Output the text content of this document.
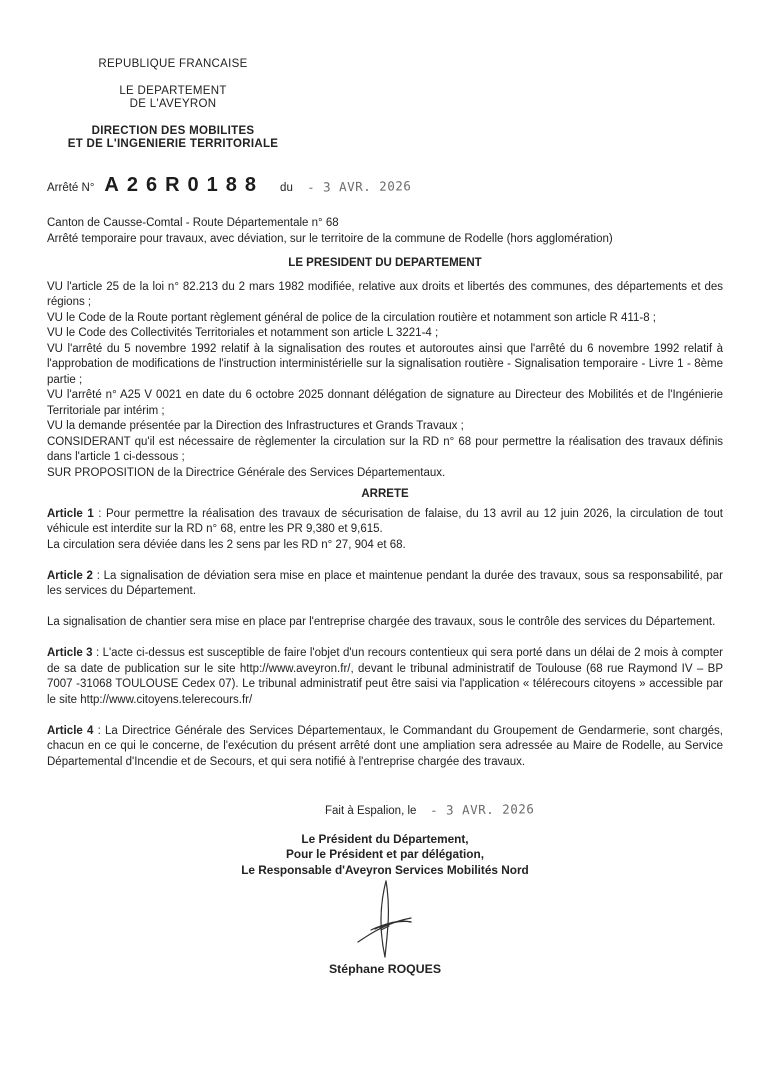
REPUBLIQUE FRANCAISE

LE DEPARTEMENT

DE L'AVEYRON

DIRECTION DES MOBILITES

ET DE L'INGENIERIE TERRITORIALE

Arrêté N° A26R0188 du - 3 AVR. 2026

Canton de Causse-Comtal - Route Départementale n° 68

Arrêté temporaire pour travaux, avec déviation, sur le territoire de la commune de Rodelle (hors agglomération)

LE PRESIDENT DU DEPARTEMENT

VU l'article 25 de la loi n° 82.213 du 2 mars 1982 modifiée, relative aux droits et libertés des communes, des départements et des régions ;

VU le Code de la Route portant règlement général de police de la circulation routière et notamment son article R 411-8 ;

VU le Code des Collectivités Territoriales et notamment son article L 3221-4 ;

VU l'arrêté du 5 novembre 1992 relatif à la signalisation des routes et autoroutes ainsi que l'arrêté du 6 novembre 1992 relatif à l'approbation de modifications de l'instruction interministérielle sur la signalisation routière - Signalisation temporaire - Livre 1 - 8ème partie ;

VU l'arrêté n° A25 V 0021 en date du 6 octobre 2025 donnant délégation de signature au Directeur des Mobilités et de l'Ingénierie Territoriale par intérim ;

VU la demande présentée par la Direction des Infrastructures et Grands Travaux ;

CONSIDERANT qu'il est nécessaire de règlementer la circulation sur la RD n° 68 pour permettre la réalisation des travaux définis dans l'article 1 ci-dessous ;

SUR PROPOSITION de la Directrice Générale des Services Départementaux.

ARRETE

Article 1 : Pour permettre la réalisation des travaux de sécurisation de falaise, du 13 avril au 12 juin 2026, la circulation de tout véhicule est interdite sur la RD n° 68, entre les PR 9,380 et 9,615.

La circulation sera déviée dans les 2 sens par les RD n° 27, 904 et 68.

Article 2 : La signalisation de déviation sera mise en place et maintenue pendant la durée des travaux, sous sa responsabilité, par les services du Département.

La signalisation de chantier sera mise en place par l'entreprise chargée des travaux, sous le contrôle des services du Département.

Article 3 : L'acte ci-dessus est susceptible de faire l'objet d'un recours contentieux qui sera porté dans un délai de 2 mois à compter de sa date de publication sur le site http://www.aveyron.fr/, devant le tribunal administratif de Toulouse (68 rue Raymond IV – BP 7007 -31068 TOULOUSE Cedex 07). Le tribunal administratif peut être saisi via l'application « télérecours citoyens » accessible par le site http://www.citoyens.telerecours.fr/

Article 4 : La Directrice Générale des Services Départementaux, le Commandant du Groupement de Gendarmerie, sont chargés, chacun en ce qui le concerne, de l'exécution du présent arrêté dont une ampliation sera adressée au Maire de Rodelle, au Service Départemental d'Incendie et de Secours, et qui sera notifié à l'entreprise chargée des travaux.

Fait à Espalion, le - 3 AVR. 2026

Le Président du Département,

Pour le Président et par délégation,

Le Responsable d'Aveyron Services Mobilités Nord

Stéphane ROQUES
